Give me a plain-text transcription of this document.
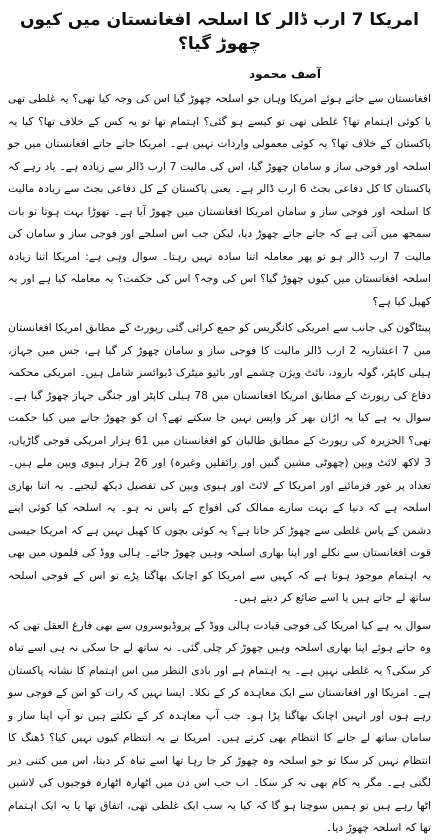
امریکا 7 ارب ڈالر کا اسلحہ افغانستان میں کیوں چھوڑ گیا؟
آصف محمود

افغانستان سے جاتے ہوئے امریکا وہاں جو اسلحہ چھوڑ گیا اس کی وجہ کیا تھی؟ یہ غلطی تھی یا کوئی اہتمام تھا؟ غلطی تھی تو کیسے ہو گئی؟ اہتمام تھا تو یہ کس کے خلاف تھا؟ کیا یہ پاکستان کے خلاف تھا؟ یہ کوئی معمولی واردات نہیں ہے۔ امریکا جاتے جاتے افغانستان میں جو اسلحہ اور فوجی ساز و سامان چھوڑ گیا، اس کی مالیت 7 ارب ڈالر سے زیادہ ہے۔ یاد رہے کہ پاکستان کا کل دفاعی بجٹ 6 ارب ڈالر ہے۔ یعنی پاکستان کے کل دفاعی بجٹ سے زیادہ مالیت کا اسلحہ اور فوجی ساز و سامان امریکا افغانستان میں چھوڑ آیا ہے۔ تھوڑا بہت ہوتا تو بات سمجھ میں آتی ہے کہ جاتے جاتے چھوڑ دیا، لیکن جب اس اسلحے اور فوجی ساز و سامان کی مالیت 7 ارب ڈالر ہو تو پھر معاملہ اتنا سادہ نہیں رہتا۔ سوال وہی ہے: امریکا اتنا زیادہ اسلحہ افغانستان میں کیوں چھوڑ گیا؟ اس کی وجہ؟ اس کی حکمت؟ یہ معاملہ کیا ہے اور یہ کھیل کیا ہے؟

پینٹاگون کی جانب سے امریکی کانگریس کو جمع کرائی گئی رپورٹ کے مطابق امریکا افغانستان میں 7 اعشاریہ 2 ارب ڈالر مالیت کا فوجی ساز و سامان چھوڑ کر گیا ہے، جس میں جہاز، ہیلی کاپٹر، گولہ بارود، نائٹ ویژن چشمے اور بائیو میٹرک ڈیوائسز شامل ہیں۔ امریکی محکمہ دفاع کی رپورٹ کے مطابق امریکا افغانستان میں 78 ہیلی کاپٹر اور جنگی جہاز چھوڑ گیا ہے۔ سوال یہ ہے کیا یہ اڑان بھر کر واپس نہیں جا سکتے تھے؟ ان کو چھوڑ جانے میں کیا حکمت تھی؟ الجزیرہ کی رپورٹ کے مطابق طالبان کو افغانستان میں 61 ہزار امریکی فوجی گاڑیاں، 3 لاکھ لائٹ ویپن (چھوٹی مشین گنیں اور رائفلیں وغیرہ) اور 26 ہزار ہیوی ویپن ملے ہیں۔ تعداد پر غور فرمائیے اور امریکا کے لائٹ اور ہیوی ویپن کی تفصیل دیکھ لیجیے۔ یہ اتنا بھاری اسلحہ ہے کہ دنیا کے بہت سارے ممالک کی افواج کے پاس نہ ہو۔ یہ اسلحہ کیا کوئی اپنے دشمن کے پاس غلطی سے چھوڑ کر جاتا ہے؟ یہ کوئی بچوں کا کھیل نہیں ہے کہ امریکا جیسی قوت افغانستان سے نکلے اور اپنا بھاری اسلحہ وہیں چھوڑ جائے۔ ہالی ووڈ کی فلموں میں بھی یہ اہتمام موجود ہوتا ہے کہ کہیں سے امریکا کو اچانک بھاگنا پڑے تو اس کے فوجی اسلحہ ساتھ لے جاتے ہیں یا اسے ضائع کر دیتے ہیں۔

سوال یہ ہے کیا امریکا کی فوجی قیادت ہالی ووڈ کے پروڈیوسروں سے بھی فارغ العقل تھی کہ وہ جاتے ہوئے اپنا بھاری اسلحہ وہیں چھوڑ کر چلی گئی۔ نہ ساتھ لے جا سکی نہ ہی اسے تباہ کر سکی؟ یہ غلطی نہیں ہے۔ یہ اہتمام ہے اور بادی النظر میں اس اہتمام کا نشانہ پاکستان ہے۔ امریکا اور افغانستان سے ایک معاہدہ کر کے نکلا۔ ایسا نہیں کہ رات کو اس کے فوجی سو رہے ہوں اور انہیں اچانک بھاگنا پڑا ہو۔ جب آپ معاہدہ کر کے نکلتے ہیں تو آپ اپنا ساز و سامان ساتھ لے جانے کا انتظام بھی کرتے ہیں۔ امریکا نے یہ انتظام کیوں نہیں کیا؟ ڈھنگ کا انتظام نہیں کر سکا تو جو اسلحہ وہ چھوڑ کر جا رہا تھا اسے تباہ کر دیتا، اس میں کتنی دیر لگتی ہے۔ مگر یہ کام بھی نہ کر سکا۔ اب جب اس دن میں اٹھارہ اٹھارہ فوجیوں کی لاشیں اٹھا رہے ہیں تو ہمیں سوچنا ہو گا کہ کیا یہ سب ایک غلطی تھی، اتفاق تھا یا یہ ایک اہتمام تھا کہ اسلحہ چھوڑ دیا۔
